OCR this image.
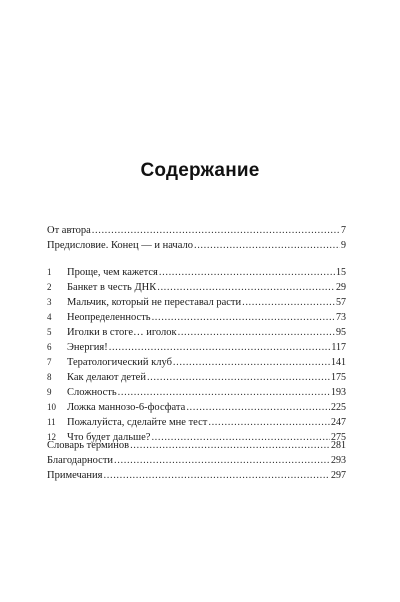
Содержание
От автора .....	7
Предисловие. Конец — и начало .....	9
1	Проще, чем кажется .....	15
2	Банкет в честь ДНК .....	29
3	Мальчик, который не переставал расти .....	57
4	Неопределенность .....	73
5	Иголки в стоге… иголок .....	95
6	Энергия! .....	117
7	Тератологический клуб .....	141
8	Как делают детей .....	175
9	Сложность .....	193
10	Ложка маннозо-6-фосфата .....	225
11	Пожалуйста, сделайте мне тест .....	247
12	Что будет дальше? .....	275
Словарь терминов .....	281
Благодарности .....	293
Примечания .....	297
